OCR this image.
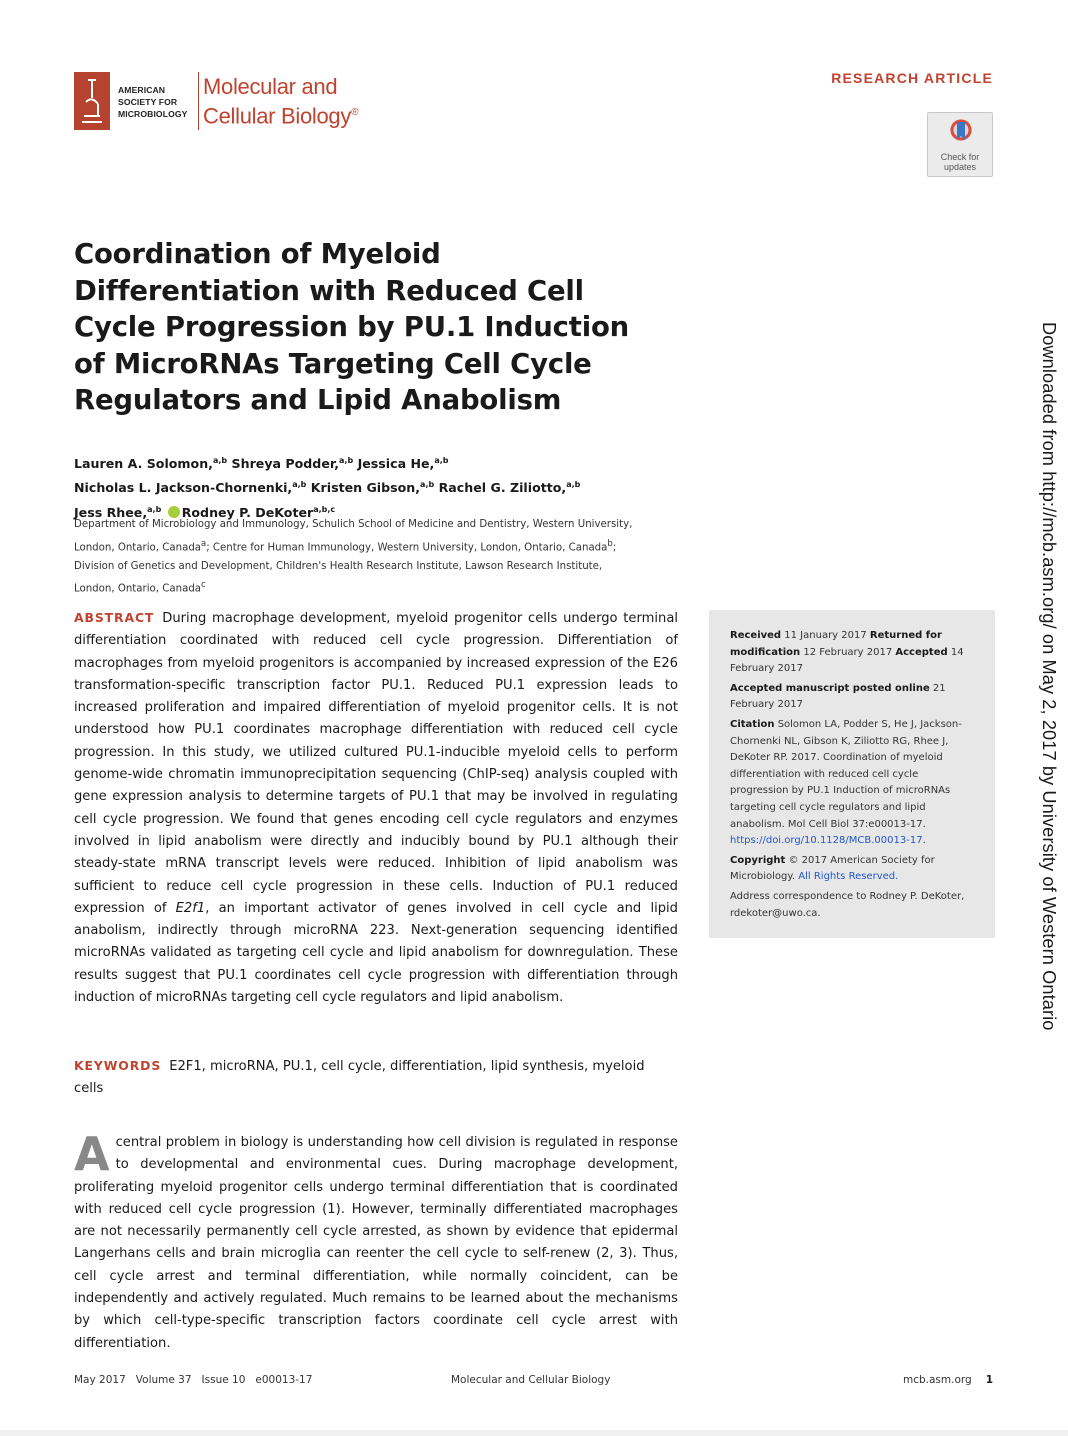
AMERICAN
SOCIETY FOR
MICROBIOLOGY
Molecular and
Cellular Biology®
RESEARCH ARTICLE
Check for
updates
Coordination of Myeloid Differentiation with Reduced Cell Cycle Progression by PU.1 Induction of MicroRNAs Targeting Cell Cycle Regulators and Lipid Anabolism
Lauren A. Solomon,$^{a,b}$ Shreya Podder,$^{a,b}$ Jessica He,$^{a,b}$
Nicholas L. Jackson-Chornenki,$^{a,b}$ Kristen Gibson,$^{a,b}$ Rachel G. Ziliotto,$^{a,b}$
Jess Rhee,$^{a,b}$ Rodney P. DeKoter$^{a,b,c}$
Department of Microbiology and Immunology, Schulich School of Medicine and Dentistry, Western University,
London, Ontario, Canada$^a$; Centre for Human Immunology, Western University, London, Ontario, Canada$^b$;
Division of Genetics and Development, Children's Health Research Institute, Lawson Research Institute,
London, Ontario, Canada$^c$
ABSTRACT During macrophage development, myeloid progenitor cells undergo terminal differentiation coordinated with reduced cell cycle progression. Differentiation of macrophages from myeloid progenitors is accompanied by increased expression of the E26 transformation-specific transcription factor PU.1. Reduced PU.1 expression leads to increased proliferation and impaired differentiation of myeloid progenitor cells. It is not understood how PU.1 coordinates macrophage differentiation with reduced cell cycle progression. In this study, we utilized cultured PU.1-inducible myeloid cells to perform genome-wide chromatin immunoprecipitation sequencing (ChIP-seq) analysis coupled with gene expression analysis to determine targets of PU.1 that may be involved in regulating cell cycle progression. We found that genes encoding cell cycle regulators and enzymes involved in lipid anabolism were directly and inducibly bound by PU.1 although their steady-state mRNA transcript levels were reduced. Inhibition of lipid anabolism was sufficient to reduce cell cycle progression in these cells. Induction of PU.1 reduced expression of E2f1, an important activator of genes involved in cell cycle and lipid anabolism, indirectly through microRNA 223. Next-generation sequencing identified microRNAs validated as targeting cell cycle and lipid anabolism for downregulation. These results suggest that PU.1 coordinates cell cycle progression with differentiation through induction of microRNAs targeting cell cycle regulators and lipid anabolism.
KEYWORDS E2F1, microRNA, PU.1, cell cycle, differentiation, lipid synthesis, myeloid cells
Acentral problem in biology is understanding how cell division is regulated in response to developmental and environmental cues. During macrophage development, proliferating myeloid progenitor cells undergo terminal differentiation that is coordinated with reduced cell cycle progression (1). However, terminally differentiated macrophages are not necessarily permanently cell cycle arrested, as shown by evidence that epidermal Langerhans cells and brain microglia can reenter the cell cycle to self-renew (2, 3). Thus, cell cycle arrest and terminal differentiation, while normally coincident, can be independently and actively regulated. Much remains to be learned about the mechanisms by which cell-type-specific transcription factors coordinate cell cycle arrest with differentiation.
Received 11 January 2017 Returned for modification 12 February 2017 Accepted 14 February 2017
Accepted manuscript posted online 21 February 2017
Citation Solomon LA, Podder S, He J, Jackson-Chornenki NL, Gibson K, Ziliotto RG, Rhee J, DeKoter RP. 2017. Coordination of myeloid differentiation with reduced cell cycle progression by PU.1 Induction of microRNAs targeting cell cycle regulators and lipid anabolism. Mol Cell Biol 37:e00013-17. https://doi.org/10.1128/MCB.00013-17.
Copyright © 2017 American Society for Microbiology. All Rights Reserved.
Address correspondence to Rodney P. DeKoter, rdekoter@uwo.ca.	Downloaded from http://mcb.asm.org/ on May 2, 2017 by University of Western Ontario
May 2017   Volume 37   Issue 10   e00013-17	Molecular and Cellular Biology	mcb.asm.org 1
